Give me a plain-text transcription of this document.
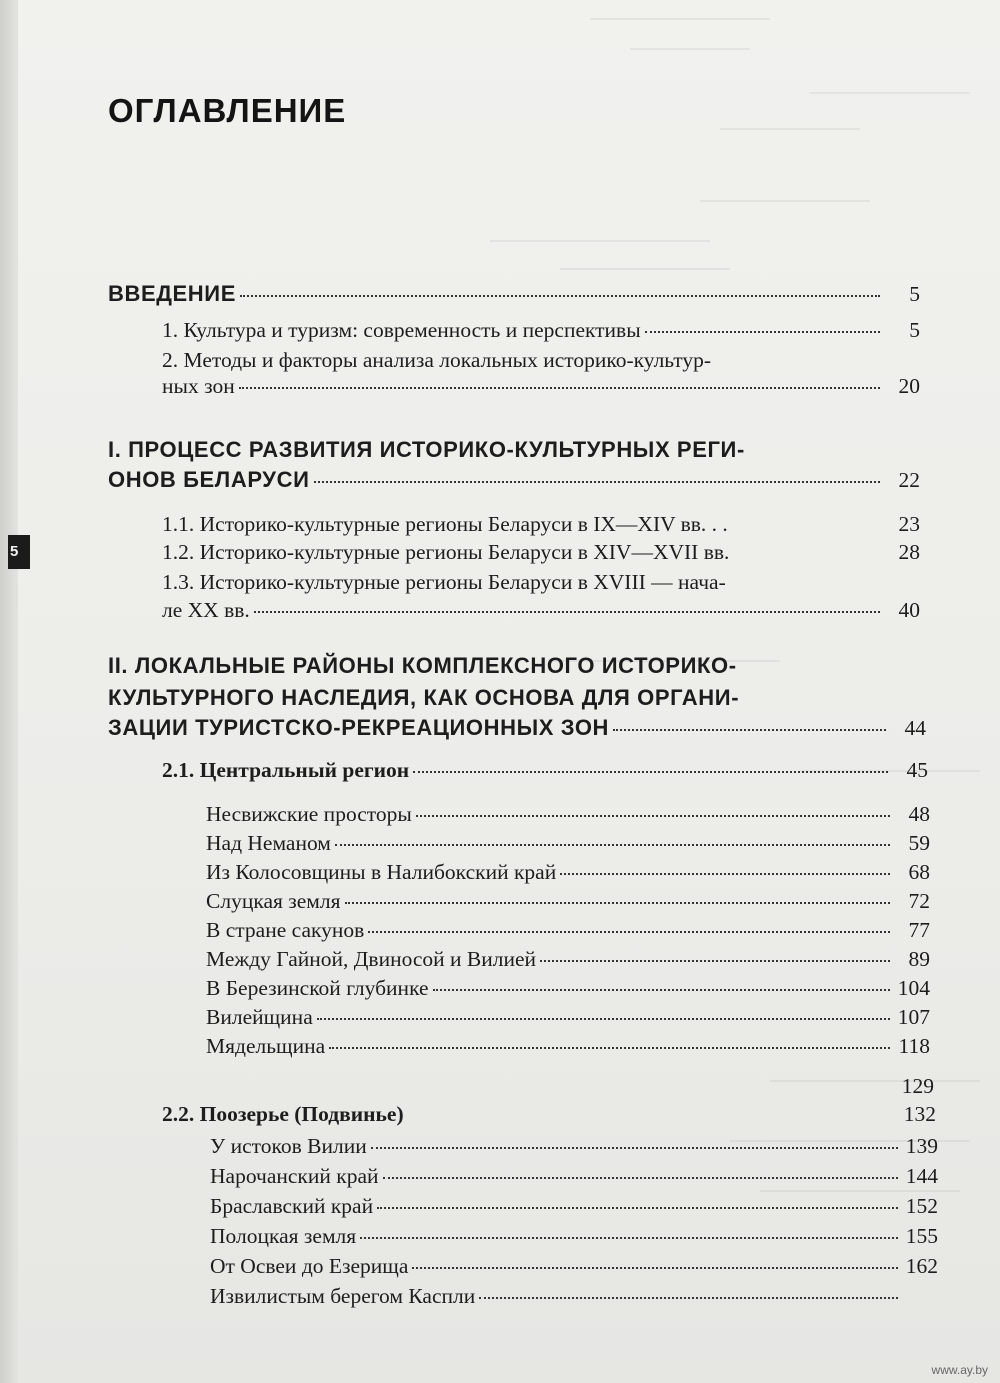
5
ОГЛАВЛЕНИЕ
ВВЕДЕНИЕ	5
1. Культура и туризм: современность и перспективы	5
2. Методы и факторы анализа локальных историко-культур-
ных зон	20
I. ПРОЦЕСС РАЗВИТИЯ ИСТОРИКО-КУЛЬТУРНЫХ РЕГИ-
ОНОВ БЕЛАРУСИ	22
1.1. Историко-культурные регионы Беларуси в IX—XIV вв. . .	23
1.2. Историко-культурные регионы Беларуси в XIV—XVII вв.	28
1.3. Историко-культурные регионы Беларуси в XVIII — нача-
ле XX вв.	40
II. ЛОКАЛЬНЫЕ РАЙОНЫ КОМПЛЕКСНОГО ИСТОРИКО-
КУЛЬТУРНОГО НАСЛЕДИЯ, КАК ОСНОВА ДЛЯ ОРГАНИ-
ЗАЦИИ ТУРИСТСКО-РЕКРЕАЦИОННЫХ ЗОН	44
2.1. Центральный регион	45
Несвижские просторы	48
Над Неманом	59
Из Колосовщины в Налибокский край	68
Слуцкая земля	72
В стране сакунов	77
Между Гайной, Двиносой и Вилией	89
В Березинской глубинке	104
Вилейщина	107
Мядельщина	118
129
2.2. Поозерье (Подвинье)	132
У истоков Вилии	139
Нарочанский край	144
Браславский край	152
Полоцкая земля	155
От Освеи до Езерища	162
Извилистым берегом Каспли
www.ay.by
